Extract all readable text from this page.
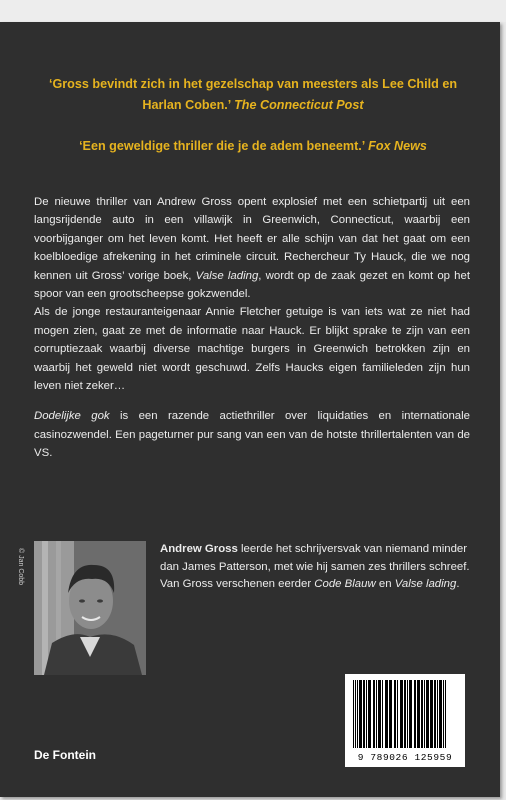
‘Gross bevindt zich in het gezelschap van meesters als Lee Child en Harlan Coben.’ The Connecticut Post
‘Een geweldige thriller die je de adem beneemt.’ Fox News

De nieuwe thriller van Andrew Gross opent explosief met een schietpartij uit een langsrijdende auto in een villawijk in Greenwich, Connecticut, waarbij een voorbijganger om het leven komt. Het heeft er alle schijn van dat het gaat om een koelbloedige afrekening in het criminele circuit. Rechercheur Ty Hauck, die we nog kennen uit Gross’ vorige boek, Valse lading, wordt op de zaak gezet en komt op het spoor van een grootscheepse gokzwendel.

Als de jonge restauranteigenaar Annie Fletcher getuige is van iets wat ze niet had mogen zien, gaat ze met de informatie naar Hauck. Er blijkt sprake te zijn van een corruptiezaak waarbij diverse machtige burgers in Greenwich betrokken zijn en waarbij het geweld niet wordt geschuwd. Zelfs Haucks eigen familieleden zijn hun leven niet zeker…

Dodelijke gok is een razende actiethriller over liquidaties en internationale casinozwendel. Een pageturner pur sang van een van de hotste thrillertalenten van de VS.

© Jan Cobb	Andrew Gross leerde het schrijversvak van niemand minder dan James Patterson, met wie hij samen zes thrillers schreef. Van Gross verschenen eerder Code Blauw en Valse lading.
De Fontein	9 789026 125959
